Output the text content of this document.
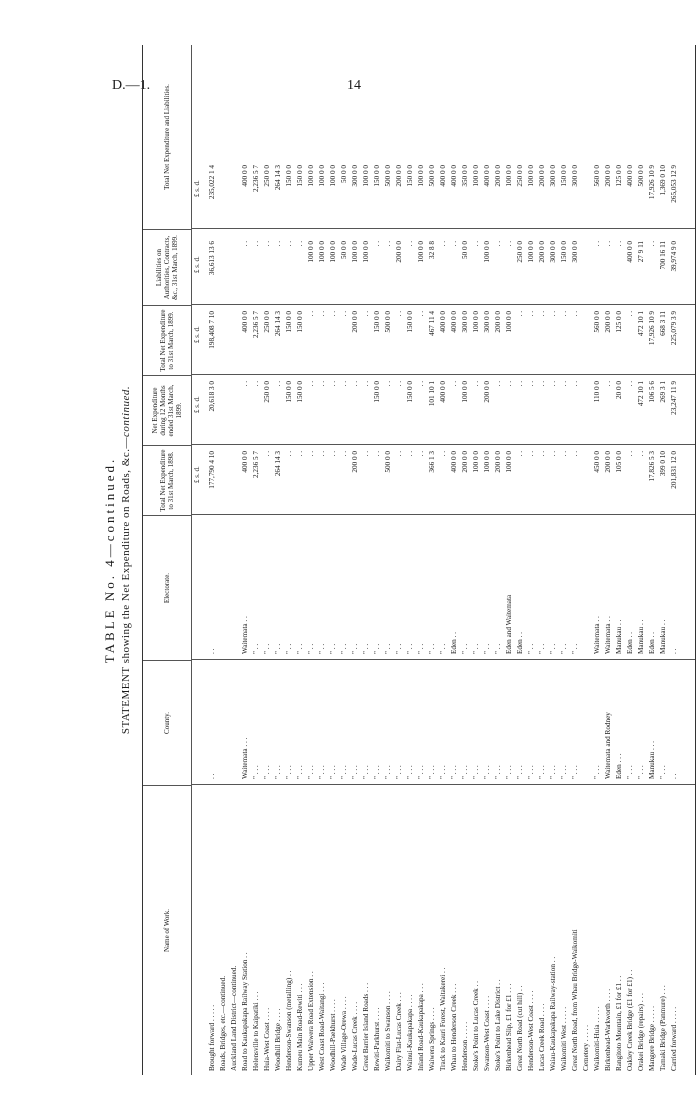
D.—1.	14
TABLE No. 4—continued. STATEMENT showing the Net Expenditure on Roads, &c.—continued.
Name of Work.
County.
Electorate.
Total Net Expenditure to 31st March, 1898.
Net Expenditure during 12 Months ended 31st March, 1899.
Total Net Expenditure to 31st March, 1899.
Liabilities on Authorities, Contracts, &c., 31st March, 1899.
Total Net Expenditure and Liabilities.
£ s. d.
£ s. d.
£ s. d.
£ s. d.
£ s. d.
Brought forward . . . . .
. .
. .
177,790 4 10
20,618 3 0
198,408 7 10
36,613 13 6
235,022 1 4
Roads, Bridges, etc.—continued. Auckland Land District—continued. Road to Kaukapakapa Railway Station . .
Waitemata . . .
Waitemata . .
400 0 0
. .
400 0 0
. .
400 0 0
Helensville to Kaipatiki . . .
" . . .
" . .
2,236 5 7
. .
2,236 5 7
. .
2,236 5 7
Huia-West Coast . . . .
" . . .
" . .
. .
250 0 0
250 0 0
. .
250 0 0
Woodhill Bridge . . . .
" . . .
" . .
264 14 3
. .
264 14 3
. .
264 14 3
Henderson-Swanson (metalling) . .
" . . .
" . .
. .
150 0 0
150 0 0
. .
150 0 0
Kumeu Main Road-Rewiti . . .
" . . .
" . .
. .
150 0 0
150 0 0
. .
150 0 0
Upper Waiwera Road Extension . .
" . . .
" . .
. .
. .
. .
100 0 0
100 0 0
West Coast Road-Waitangi . . .
" . . .
" . .
. .
. .
. .
100 0 0
100 0 0
Woodhill-Paekhurst . . . .
" . . .
" . .
. .
. .
. .
100 0 0
100 0 0
Wade Village-Orewa . . . .
" . . .
" . .
. .
. .
. .
50 0 0
50 0 0
Wade-Lucas Creek . . . .
" . . .
" . .
200 0 0
. .
200 0 0
100 0 0
300 0 0
Great Barrier Island Roads . . .
" . . .
" . .
. .
. .
. .
100 0 0
100 0 0
Rewiti-Parkhurst . . . .
" . . .
" . .
. .
150 0 0
150 0 0
. .
150 0 0
Waikomiti to Swanson . . . .
" . . .
" . .
500 0 0
. .
500 0 0
. .
500 0 0
Dairy Flat-Lucas Creek . . .
" . . .
" . .
. .
. .
. .
200 0 0
200 0 0
Wainui-Kaukapakapa . . . .
" . . .
" . .
. .
150 0 0
150 0 0
. .
150 0 0
Inland Road-Kaukapakapa . . .
" . . .
" . .
. .
. .
. .
100 0 0
100 0 0
Waiwera Springs . . . .
" . . .
" . .
366 1 3
101 10 1
467 11 4
32 8 8
500 0 0
Track to Kauri Forest, Waitakerei . .
" . . .
" . .
. .
400 0 0
400 0 0
. .
400 0 0
Whau to Henderson Creek . . .
" . . .
Eden . .
400 0 0
. .
400 0 0
. .
400 0 0
Henderson . . . . .
" . . .
" . .
200 0 0
100 0 0
300 0 0
50 0 0
350 0 0
Stoke's Point to Lucas Creek . .
" . . .
" . .
100 0 0
. .
100 0 0
. .
100 0 0
Swanson-West Coast . . . .
" . . .
" . .
100 0 0
200 0 0
300 0 0
100 0 0
400 0 0
Stoke's Point to Lake District . .
" . . .
" . .
200 0 0
. .
200 0 0
. .
200 0 0
Birkenhead Slip, £1 for £1 . . .
" . . .
Eden and Waitemata
100 0 0
. .
100 0 0
. .
100 0 0
Great North Road (cut hill) . .
" . . .
Eden . .
. .
. .
. .
250 0 0
250 0 0
Henderson-West Coast . . . .
" . . .
" . .
. .
. .
. .
100 0 0
100 0 0
Lucas Creek Road . . . .
" . . .
" . .
. .
. .
. .
200 0 0
200 0 0
Waiau-Kaukapakapa Railway-station . .
" . . .
" . .
. .
. .
. .
300 0 0
300 0 0
Waikomiti West . . . . .
" . . .
" . .
. .
. .
. .
150 0 0
150 0 0
Great North Road, from Whau Bridge-Waikomiti
" . . .
" . .
. .
. .
. .
300 0 0
300 0 0
Cemetery . . . . . Waikomiti-Huia . . . . .
" . . .
Waitemata . .
450 0 0
110 0 0
560 0 0
. .
560 0 0
Birkenhead-Warkworth . . . .
Waitemata and Rodney
Waitemata . .
200 0 0
. .
200 0 0
. .
200 0 0
Rangitoto Mountain, £1 for £1 . .
Eden . . .
Manukau . .
105 0 0
20 0 0
125 0 0
. .
125 0 0
Oakley Creek Bridge (£1 for £1) . .
" . . .
Eden . .
. .
. .
. .
400 0 0
400 0 0
Orakei Bridge (repairs) . . .
" . . .
Manukau . .
. .
472 10 1
472 10 1
27 9 11
500 0 0
Mangere Bridge . . . . .
Manukau . . .
Eden . .
17,826 5 3
106 5 6
17,926 10 9
. .
17,926 10 9
Tamaki Bridge (Panmure) . . .
" . . .
Manukau . .
399 0 10
269 3 1
668 3 11
700 16 11
1,369 0 10
Carried forward . . . . .
. .
. .
201,831 12 0
23,247 11 9
225,079 3 9
39,974 9 0
265,053 12 9
